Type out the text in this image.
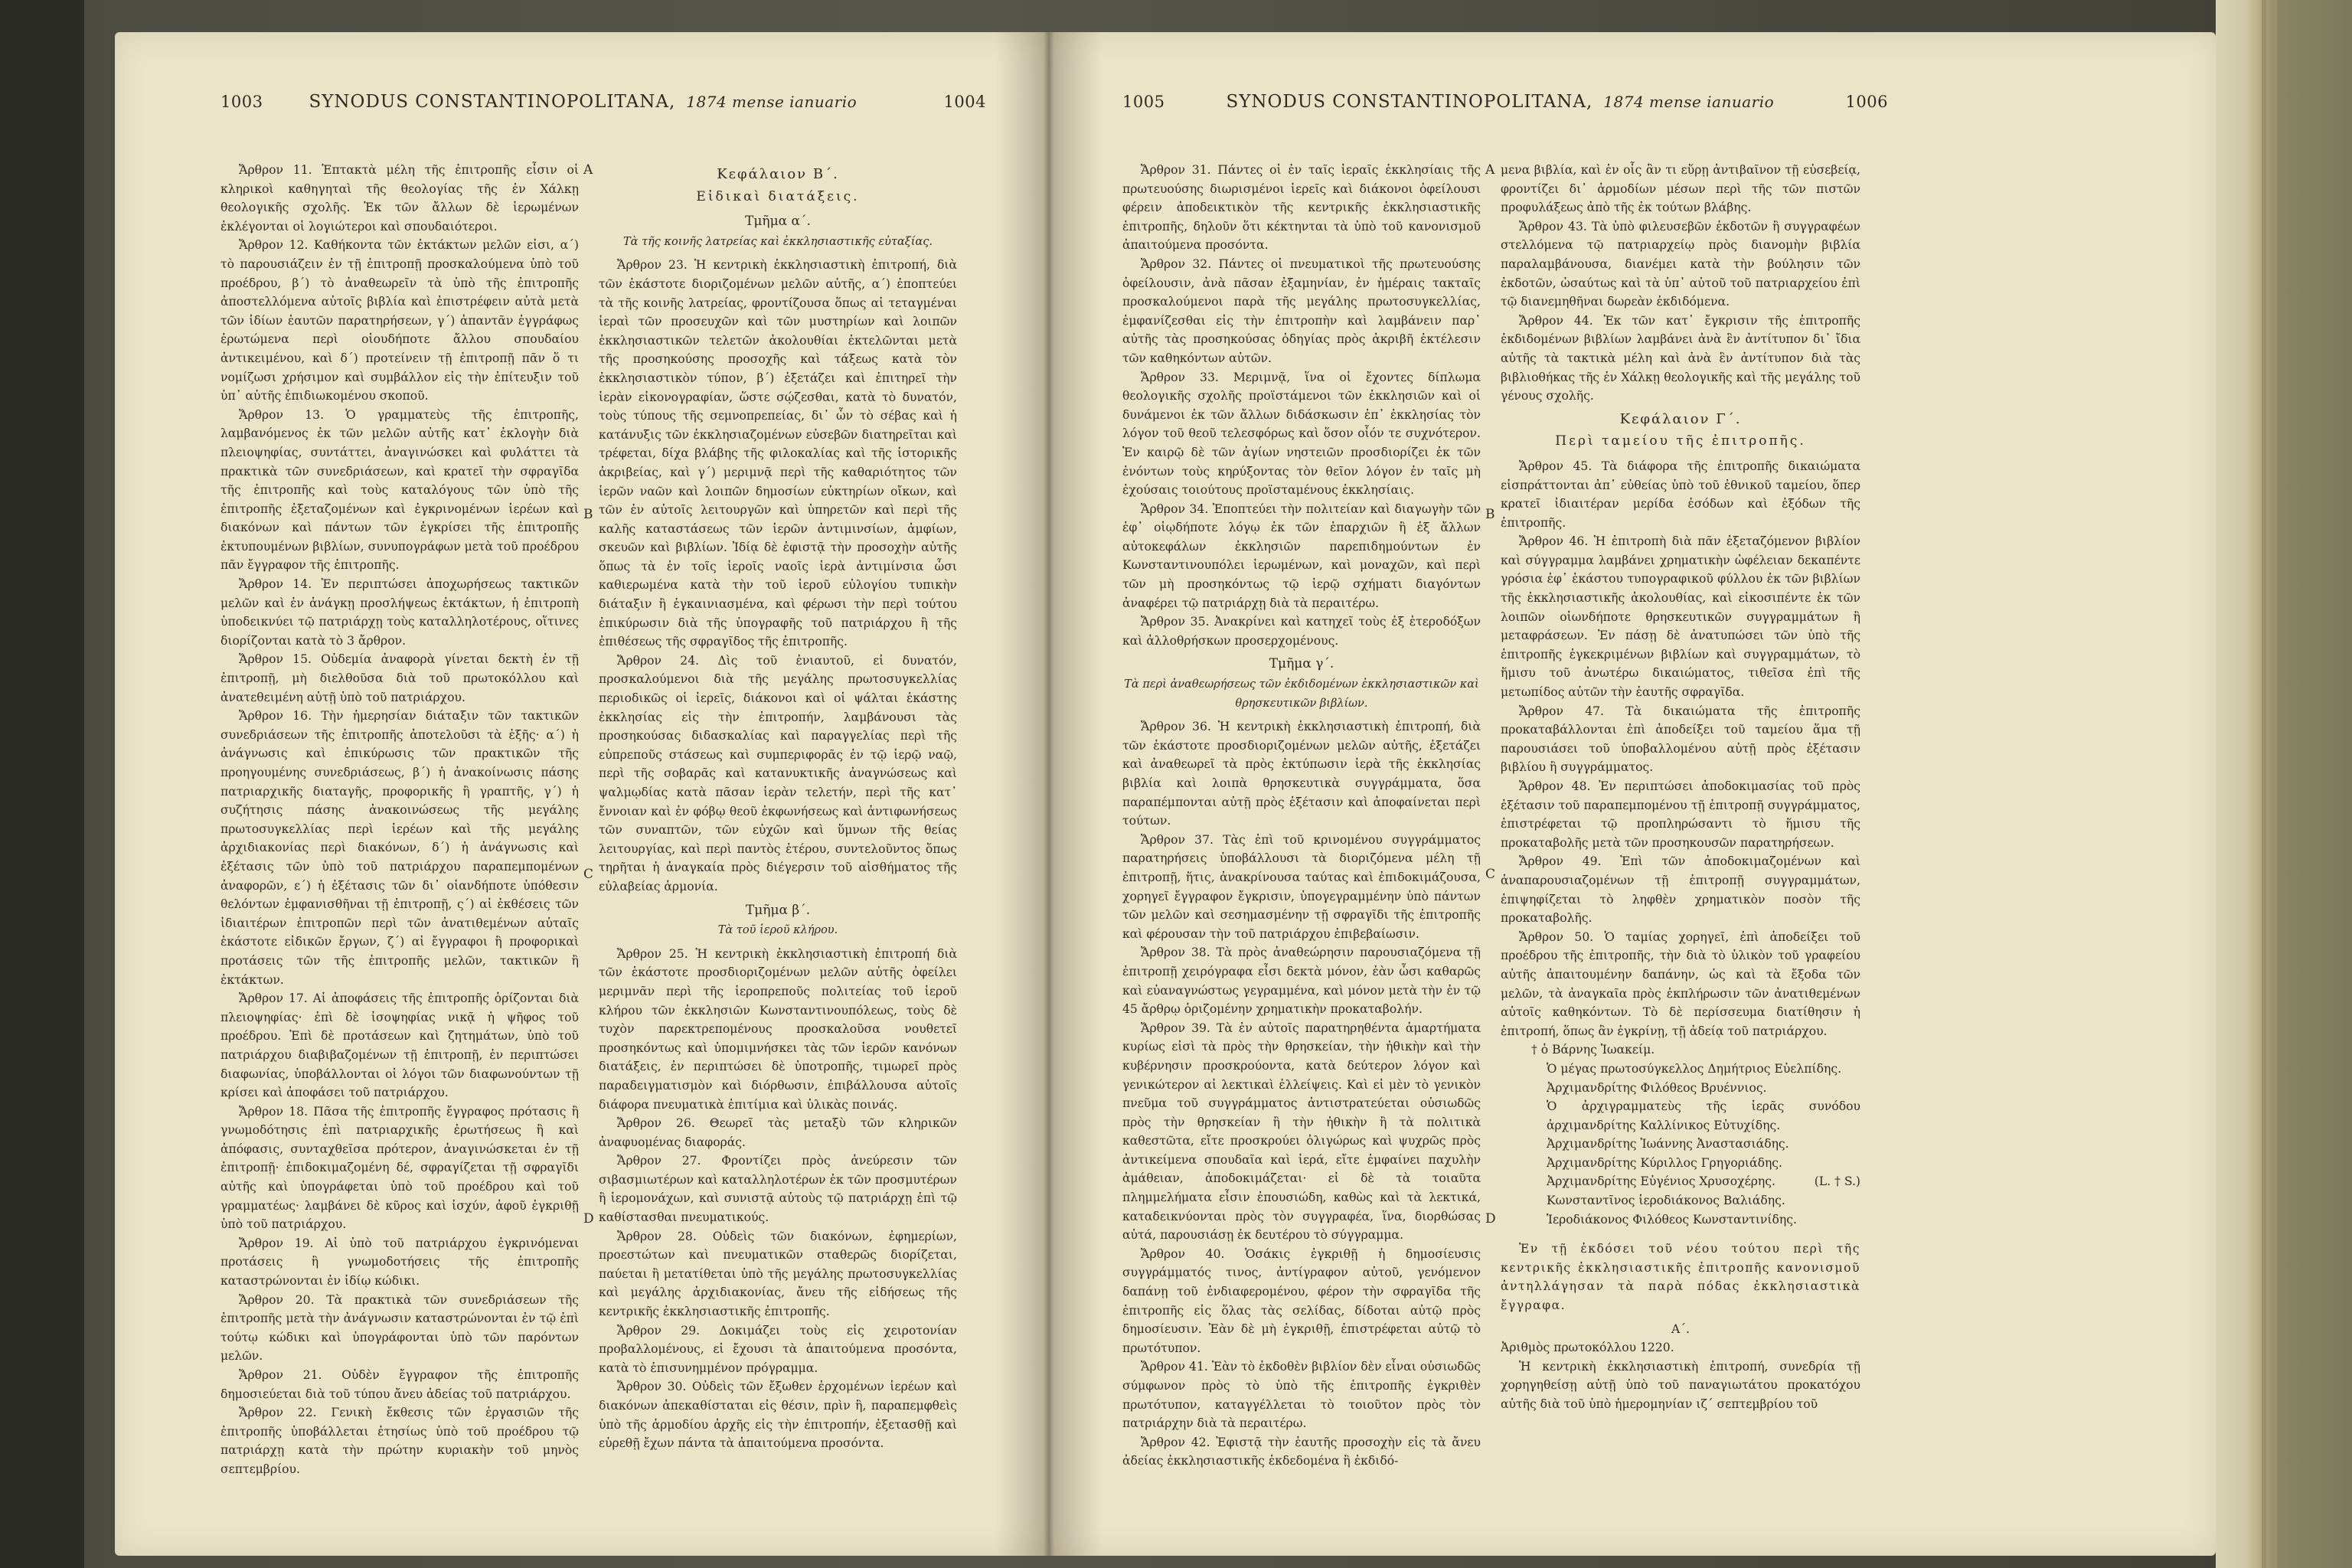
1003	SYNODUS CONSTANTINOPOLITANA, 1874 mense ianuario	1004

Ἄρθρον 11. Ἑπτακτὰ μέλη τῆς ἐπιτροπῆς εἶσιν οἱ κληρικοὶ καθηγηταὶ τῆς θεολογίας τῆς ἐν Χάλκῃ θεολογικῆς σχολῆς. Ἐκ τῶν ἄλλων δὲ ἱερωμένων ἐκλέγονται οἱ λογιώτεροι καὶ σπουδαιότεροι.

Ἄρθρον 12. Καθήκοντα τῶν ἐκτάκτων μελῶν εἰσι, α΄) τὸ παρουσιάζειν ἐν τῇ ἐπιτροπῇ προσκαλούμενα ὑπὸ τοῦ προέδρου, β΄) τὸ ἀναθεωρεῖν τὰ ὑπὸ τῆς ἐπιτροπῆς ἀποστελλόμενα αὐτοῖς βιβλία καὶ ἐπιστρέφειν αὐτὰ μετὰ τῶν ἰδίων ἑαυτῶν παρατηρήσεων, γ΄) ἀπαντᾶν ἐγγράφως ἐρωτώμενα περὶ οἱουδήποτε ἄλλου σπουδαίου ἀντικειμένου, καὶ δ΄) προτείνειν τῇ ἐπιτροπῇ πᾶν ὅ τι νομίζωσι χρήσιμον καὶ συμβάλλον εἰς τὴν ἐπίτευξιν τοῦ ὑπ᾽ αὐτῆς ἐπιδιωκομένου σκοποῦ.

Ἄρθρον 13. Ὁ γραμματεὺς τῆς ἐπιτροπῆς, λαμβανόμενος ἐκ τῶν μελῶν αὐτῆς κατ᾽ ἐκλογὴν διὰ πλειοψηφίας, συντάττει, ἀναγινώσκει καὶ φυλάττει τὰ πρακτικὰ τῶν συνεδριάσεων, καὶ κρατεῖ τὴν σφραγῖδα τῆς ἐπιτροπῆς καὶ τοὺς καταλόγους τῶν ὑπὸ τῆς ἐπιτροπῆς ἐξεταζομένων καὶ ἐγκρινομένων ἱερέων καὶ διακόνων καὶ πάντων τῶν ἐγκρίσει τῆς ἐπιτροπῆς ἐκτυπουμένων βιβλίων, συνυπογράφων μετὰ τοῦ προέδρου πᾶν ἔγγραφον τῆς ἐπιτροπῆς.

Ἄρθρον 14. Ἐν περιπτώσει ἀποχωρήσεως τακτικῶν μελῶν καὶ ἐν ἀνάγκῃ προσλήψεως ἐκτάκτων, ἡ ἐπιτροπὴ ὑποδεικνύει τῷ πατριάρχῃ τοὺς καταλληλοτέρους, οἵτινες διορίζονται κατὰ τὸ 3 ἄρθρον.

Ἄρθρον 15. Οὐδεμία ἀναφορὰ γίνεται δεκτὴ ἐν τῇ ἐπιτροπῇ, μὴ διελθοῦσα διὰ τοῦ πρωτοκόλλου καὶ ἀνατεθειμένη αὐτῇ ὑπὸ τοῦ πατριάρχου.

Ἄρθρον 16. Τὴν ἡμερησίαν διάταξιν τῶν τακτικῶν συνεδριάσεων τῆς ἐπιτροπῆς ἀποτελοῦσι τὰ ἑξῆς· α΄) ἡ ἀνάγνωσις καὶ ἐπικύρωσις τῶν πρακτικῶν τῆς προηγουμένης συνεδριάσεως, β΄) ἡ ἀνακοίνωσις πάσης πατριαρχικῆς διαταγῆς, προφορικῆς ἢ γραπτῆς, γ΄) ἡ συζήτησις πάσης ἀνακοινώσεως τῆς μεγάλης πρωτοσυγκελλίας περὶ ἱερέων καὶ τῆς μεγάλης ἀρχιδιακονίας περὶ διακόνων, δ΄) ἡ ἀνάγνωσις καὶ ἐξέτασις τῶν ὑπὸ τοῦ πατριάρχου παραπεμπομένων ἀναφορῶν, ε΄) ἡ ἐξέτασις τῶν δι᾽ οἱανδήποτε ὑπόθεσιν θελόντων ἐμφανισθῆναι τῇ ἐπιτροπῇ, ς΄) αἱ ἐκθέσεις τῶν ἰδιαιτέρων ἐπιτροπῶν περὶ τῶν ἀνατιθεμένων αὐταῖς ἑκάστοτε εἰδικῶν ἔργων, ζ΄) αἱ ἔγγραφοι ἢ προφορικαὶ προτάσεις τῶν τῆς ἐπιτροπῆς μελῶν, τακτικῶν ἢ ἐκτάκτων.

Ἄρθρον 17. Αἱ ἀποφάσεις τῆς ἐπιτροπῆς ὁρίζονται διὰ πλειοψηφίας· ἐπὶ δὲ ἰσοψηφίας νικᾷ ἡ ψῆφος τοῦ προέδρου. Ἐπὶ δὲ προτάσεων καὶ ζητημάτων, ὑπὸ τοῦ πατριάρχου διαβιβαζομένων τῇ ἐπιτροπῇ, ἐν περιπτώσει διαφωνίας, ὑποβάλλονται οἱ λόγοι τῶν διαφωνούντων τῇ κρίσει καὶ ἀποφάσει τοῦ πατριάρχου.

Ἄρθρον 18. Πᾶσα τῆς ἐπιτροπῆς ἔγγραφος πρότασις ἢ γνωμοδότησις ἐπὶ πατριαρχικῆς ἐρωτήσεως ἢ καὶ ἀπόφασις, συνταχθεῖσα πρότερον, ἀναγινώσκεται ἐν τῇ ἐπιτροπῇ· ἐπιδοκιμαζομένη δέ, σφραγίζεται τῇ σφραγῖδι αὐτῆς καὶ ὑπογράφεται ὑπὸ τοῦ προέδρου καὶ τοῦ γραμματέως· λαμβάνει δὲ κῦρος καὶ ἰσχύν, ἀφοῦ ἐγκριθῇ ὑπὸ τοῦ πατριάρχου.

Ἄρθρον 19. Αἱ ὑπὸ τοῦ πατριάρχου ἐγκρινόμεναι προτάσεις ἢ γνωμοδοτήσεις τῆς ἐπιτροπῆς καταστρώνονται ἐν ἰδίῳ κώδικι.

Ἄρθρον 20. Τὰ πρακτικὰ τῶν συνεδριάσεων τῆς ἐπιτροπῆς μετὰ τὴν ἀνάγνωσιν καταστρώνονται ἐν τῷ ἐπὶ τούτῳ κώδικι καὶ ὑπογράφονται ὑπὸ τῶν παρόντων μελῶν.

Ἄρθρον 21. Οὐδὲν ἔγγραφον τῆς ἐπιτροπῆς δημοσιεύεται διὰ τοῦ τύπου ἄνευ ἀδείας τοῦ πατριάρχου.

Ἄρθρον 22. Γενικὴ ἔκθεσις τῶν ἐργασιῶν τῆς ἐπιτροπῆς ὑποβάλλεται ἐτησίως ὑπὸ τοῦ προέδρου τῷ πατριάρχῃ κατὰ τὴν πρώτην κυριακὴν τοῦ μηνὸς σεπτεμβρίου.

A
B
C
D

Κεφάλαιον Β΄.

Εἰδικαὶ διατάξεις.

Τμῆμα α΄.

Τὰ τῆς κοινῆς λατρείας καὶ ἐκκλησιαστικῆς εὐταξίας.

Ἄρθρον 23. Ἡ κεντρικὴ ἐκκλησιαστικὴ ἐπιτροπή, διὰ τῶν ἑκάστοτε διοριζομένων μελῶν αὐτῆς, α΄) ἐποπτεύει τὰ τῆς κοινῆς λατρείας, φροντίζουσα ὅπως αἱ τεταγμέναι ἱεραὶ τῶν προσευχῶν καὶ τῶν μυστηρίων καὶ λοιπῶν ἐκκλησιαστικῶν τελετῶν ἀκολουθίαι ἐκτελῶνται μετὰ τῆς προσηκούσης προσοχῆς καὶ τάξεως κατὰ τὸν ἐκκλησιαστικὸν τύπον, β΄) ἐξετάζει καὶ ἐπιτηρεῖ τὴν ἱερὰν εἰκονογραφίαν, ὥστε σῴζεσθαι, κατὰ τὸ δυνατόν, τοὺς τύπους τῆς σεμνοπρεπείας, δι᾽ ὧν τὸ σέβας καὶ ἡ κατάνυξις τῶν ἐκκλησιαζομένων εὐσεβῶν διατηρεῖται καὶ τρέφεται, δίχα βλάβης τῆς φιλοκαλίας καὶ τῆς ἱστορικῆς ἀκριβείας, καὶ γ΄) μεριμνᾷ περὶ τῆς καθαριότητος τῶν ἱερῶν ναῶν καὶ λοιπῶν δημοσίων εὐκτηρίων οἴκων, καὶ τῶν ἐν αὐτοῖς λειτουργῶν καὶ ὑπηρετῶν καὶ περὶ τῆς καλῆς καταστάσεως τῶν ἱερῶν ἀντιμινσίων, ἀμφίων, σκευῶν καὶ βιβλίων. Ἰδίᾳ δὲ ἐφιστᾷ τὴν προσοχὴν αὐτῆς ὅπως τὰ ἐν τοῖς ἱεροῖς ναοῖς ἱερὰ ἀντιμίνσια ὦσι καθιερωμένα κατὰ τὴν τοῦ ἱεροῦ εὐλογίου τυπικὴν διάταξιν ἢ ἐγκαινιασμένα, καὶ φέρωσι τὴν περὶ τούτου ἐπικύρωσιν διὰ τῆς ὑπογραφῆς τοῦ πατριάρχου ἢ τῆς ἐπιθέσεως τῆς σφραγῖδος τῆς ἐπιτροπῆς.

Ἄρθρον 24. Δὶς τοῦ ἐνιαυτοῦ, εἰ δυνατόν, προσκαλούμενοι διὰ τῆς μεγάλης πρωτοσυγκελλίας περιοδικῶς οἱ ἱερεῖς, διάκονοι καὶ οἱ ψάλται ἑκάστης ἐκκλησίας εἰς τὴν ἐπιτροπήν, λαμβάνουσι τὰς προσηκούσας διδασκαλίας καὶ παραγγελίας περὶ τῆς εὐπρεποῦς στάσεως καὶ συμπεριφορᾶς ἐν τῷ ἱερῷ ναῷ, περὶ τῆς σοβαρᾶς καὶ κατανυκτικῆς ἀναγνώσεως καὶ ψαλμῳδίας κατὰ πᾶσαν ἱερὰν τελετήν, περὶ τῆς κατ᾽ ἔννοιαν καὶ ἐν φόβῳ θεοῦ ἐκφωνήσεως καὶ ἀντιφωνήσεως τῶν συναπτῶν, τῶν εὐχῶν καὶ ὕμνων τῆς θείας λειτουργίας, καὶ περὶ παντὸς ἑτέρου, συντελοῦντος ὅπως τηρῆται ἡ ἀναγκαία πρὸς διέγερσιν τοῦ αἰσθήματος τῆς εὐλαβείας ἁρμονία.

Τμῆμα β΄.

Τὰ τοῦ ἱεροῦ κλήρου.

Ἄρθρον 25. Ἡ κεντρικὴ ἐκκλησιαστικὴ ἐπιτροπή διὰ τῶν ἑκάστοτε προσδιοριζομένων μελῶν αὐτῆς ὀφείλει μεριμνᾶν περὶ τῆς ἱεροπρεποῦς πολιτείας τοῦ ἱεροῦ κλήρου τῶν ἐκκλησιῶν Κωνσταντινουπόλεως, τοὺς δὲ τυχὸν παρεκτρεπομένους προσκαλοῦσα νουθετεῖ προσηκόντως καὶ ὑπομιμνήσκει τὰς τῶν ἱερῶν κανόνων διατάξεις, ἐν περιπτώσει δὲ ὑποτροπῆς, τιμωρεῖ πρὸς παραδειγματισμὸν καὶ διόρθωσιν, ἐπιβάλλουσα αὐτοῖς διάφορα πνευματικὰ ἐπιτίμια καὶ ὑλικὰς ποινάς.

Ἄρθρον 26. Θεωρεῖ τὰς μεταξὺ τῶν κληρικῶν ἀναφυομένας διαφοράς.

Ἄρθρον 27. Φροντίζει πρὸς ἀνεύρεσιν τῶν σιβασμιωτέρων καὶ καταλληλοτέρων ἐκ τῶν προσμυτέρων ἢ ἱερομονάχων, καὶ συνιστᾷ αὐτοὺς τῷ πατριάρχῃ ἐπὶ τῷ καθίστασθαι πνευματικούς.

Ἄρθρον 28. Οὐδεὶς τῶν διακόνων, ἐφημερίων, προεστώτων καὶ πνευματικῶν σταθερῶς διορίζεται, παύεται ἢ μετατίθεται ὑπὸ τῆς μεγάλης πρωτοσυγκελλίας καὶ μεγάλης ἀρχιδιακονίας, ἄνευ τῆς εἰδήσεως τῆς κεντρικῆς ἐκκλησιαστικῆς ἐπιτροπῆς.

Ἄρθρον 29. Δοκιμάζει τοὺς εἰς χειροτονίαν προβαλλομένους, εἰ ἔχουσι τὰ ἀπαιτούμενα προσόντα, κατὰ τὸ ἐπισυνημμένον πρόγραμμα.

Ἄρθρον 30. Οὐδεὶς τῶν ἔξωθεν ἐρχομένων ἱερέων καὶ διακόνων ἀπεκαθίσταται εἰς θέσιν, πρὶν ἢ, παραπεμφθεὶς ὑπὸ τῆς ἁρμοδίου ἀρχῆς εἰς τὴν ἐπιτροπήν, ἐξετασθῇ καὶ εὑρεθῇ ἔχων πάντα τὰ ἀπαιτούμενα προσόντα.

1005	SYNODUS CONSTANTINOPOLITANA, 1874 mense ianuario	1006

Ἄρθρον 31. Πάντες οἱ ἐν ταῖς ἱεραῖς ἐκκλησίαις τῆς πρωτευούσης διωρισμένοι ἱερεῖς καὶ διάκονοι ὀφείλουσι φέρειν ἀποδεικτικὸν τῆς κεντρικῆς ἐκκλησιαστικῆς ἐπιτροπῆς, δηλοῦν ὅτι κέκτηνται τὰ ὑπὸ τοῦ κανονισμοῦ ἀπαιτούμενα προσόντα.

Ἄρθρον 32. Πάντες οἱ πνευματικοὶ τῆς πρωτευούσης ὀφείλουσιν, ἀνὰ πᾶσαν ἑξαμηνίαν, ἐν ἡμέραις τακταῖς προσκαλούμενοι παρὰ τῆς μεγάλης πρωτοσυγκελλίας, ἐμφανίζεσθαι εἰς τὴν ἐπιτροπὴν καὶ λαμβάνειν παρ᾽ αὐτῆς τὰς προσηκούσας ὁδηγίας πρὸς ἀκριβῆ ἐκτέλεσιν τῶν καθηκόντων αὐτῶν.

Ἄρθρον 33. Μεριμνᾷ, ἵνα οἱ ἔχοντες δίπλωμα θεολογικῆς σχολῆς προϊστάμενοι τῶν ἐκκλησιῶν καὶ οἱ δυνάμενοι ἐκ τῶν ἄλλων διδάσκωσιν ἐπ᾽ ἐκκλησίας τὸν λόγον τοῦ θεοῦ τελεσφόρως καὶ ὅσον οἷόν τε συχνότερον. Ἐν καιρῷ δὲ τῶν ἁγίων νηστειῶν προσδιορίζει ἐκ τῶν ἐνόντων τοὺς κηρύξοντας τὸν θεῖον λόγον ἐν ταῖς μὴ ἐχούσαις τοιούτους προϊσταμένους ἐκκλησίαις.

Ἄρθρον 34. Ἐποπτεύει τὴν πολιτείαν καὶ διαγωγὴν τῶν ἐφ᾽ οἱῳδήποτε λόγῳ ἐκ τῶν ἐπαρχιῶν ἢ ἐξ ἄλλων αὐτοκεφάλων ἐκκλησιῶν παρεπιδημούντων ἐν Κωνσταντινουπόλει ἱερωμένων, καὶ μοναχῶν, καὶ περὶ τῶν μὴ προσηκόντως τῷ ἱερῷ σχήματι διαγόντων ἀναφέρει τῷ πατριάρχῃ διὰ τὰ περαιτέρω.

Ἄρθρον 35. Ἀνακρίνει καὶ κατηχεῖ τοὺς ἐξ ἑτεροδόξων καὶ ἀλλοθρήσκων προσερχομένους.

Τμῆμα γ΄.

Τὰ περὶ ἀναθεωρήσεως τῶν ἐκδιδομένων ἐκκλησιαστικῶν καὶ θρησκευτικῶν βιβλίων.

Ἄρθρον 36. Ἡ κεντρικὴ ἐκκλησιαστικὴ ἐπιτροπή, διὰ τῶν ἑκάστοτε προσδιοριζομένων μελῶν αὐτῆς, ἐξετάζει καὶ ἀναθεωρεῖ τὰ πρὸς ἐκτύπωσιν ἱερὰ τῆς ἐκκλησίας βιβλία καὶ λοιπὰ θρησκευτικὰ συγγράμματα, ὅσα παραπέμπονται αὐτῇ πρὸς ἐξέτασιν καὶ ἀποφαίνεται περὶ τούτων.

Ἄρθρον 37. Τὰς ἐπὶ τοῦ κρινομένου συγγράμματος παρατηρήσεις ὑποβάλλουσι τὰ διοριζόμενα μέλη τῇ ἐπιτροπῇ, ἥτις, ἀνακρίνουσα ταύτας καὶ ἐπιδοκιμάζουσα, χορηγεῖ ἔγγραφον ἔγκρισιν, ὑπογεγραμμένην ὑπὸ πάντων τῶν μελῶν καὶ σεσημασμένην τῇ σφραγῖδι τῆς ἐπιτροπῆς καὶ φέρουσαν τὴν τοῦ πατριάρχου ἐπιβεβαίωσιν.

Ἄρθρον 38. Τὰ πρὸς ἀναθεώρησιν παρουσιαζόμενα τῇ ἐπιτροπῇ χειρόγραφα εἶσι δεκτὰ μόνον, ἐὰν ὦσι καθαρῶς καὶ εὐαναγνώστως γεγραμμένα, καὶ μόνον μετὰ τὴν ἐν τῷ 45 ἄρθρῳ ὁριζομένην χρηματικὴν προκαταβολήν.

Ἄρθρον 39. Τὰ ἐν αὐτοῖς παρατηρηθέντα ἁμαρτήματα κυρίως εἰσὶ τὰ πρὸς τὴν θρησκείαν, τὴν ἠθικὴν καὶ τὴν κυβέρνησιν προσκρούοντα, κατὰ δεύτερον λόγον καὶ γενικώτερον αἱ λεκτικαὶ ἐλλείψεις. Καὶ εἰ μὲν τὸ γενικὸν πνεῦμα τοῦ συγγράμματος ἀντιστρατεύεται οὐσιωδῶς πρὸς τὴν θρησκείαν ἢ τὴν ἠθικὴν ἢ τὰ πολιτικὰ καθεστῶτα, εἴτε προσκρούει ὀλιγώρως καὶ ψυχρῶς πρὸς ἀντικείμενα σπουδαῖα καὶ ἱερά, εἴτε ἐμφαίνει παχυλὴν ἀμάθειαν, ἀποδοκιμάζεται· εἰ δὲ τὰ τοιαῦτα πλημμελήματα εἶσιν ἐπουσιώδη, καθὼς καὶ τὰ λεκτικά, καταδεικνύονται πρὸς τὸν συγγραφέα, ἵνα, διορθώσας αὐτά, παρουσιάσῃ ἐκ δευτέρου τὸ σύγγραμμα.

Ἄρθρον 40. Ὁσάκις ἐγκριθῇ ἡ δημοσίευσις συγγράμματός τινος, ἀντίγραφον αὐτοῦ, γενόμενον δαπάνῃ τοῦ ἐνδιαφερομένου, φέρον τὴν σφραγῖδα τῆς ἐπιτροπῆς εἰς ὅλας τὰς σελίδας, δίδοται αὐτῷ πρὸς δημοσίευσιν. Ἐὰν δὲ μὴ ἐγκριθῇ, ἐπιστρέφεται αὐτῷ τὸ πρωτότυπον.

Ἄρθρον 41. Ἐὰν τὸ ἐκδοθὲν βιβλίον δὲν εἶναι οὐσιωδῶς σύμφωνον πρὸς τὸ ὑπὸ τῆς ἐπιτροπῆς ἐγκριθὲν πρωτότυπον, καταγγέλλεται τὸ τοιοῦτον πρὸς τὸν πατριάρχην διὰ τὰ περαιτέρω.

Ἄρθρον 42. Ἐφιστᾷ τὴν ἑαυτῆς προσοχὴν εἰς τὰ ἄνευ ἀδείας ἐκκλησιαστικῆς ἐκδεδομένα ἢ ἐκδιδό-

A
B
C
D

μενα βιβλία, καὶ ἐν οἷς ἂν τι εὕρῃ ἀντιβαῖνον τῇ εὐσεβείᾳ, φροντίζει δι᾽ ἁρμοδίων μέσων περὶ τῆς τῶν πιστῶν προφυλάξεως ἀπὸ τῆς ἐκ τούτων βλάβης.

Ἄρθρον 43. Τὰ ὑπὸ φιλευσεβῶν ἐκδοτῶν ἢ συγγραφέων στελλόμενα τῷ πατριαρχείῳ πρὸς διανομὴν βιβλία παραλαμβάνουσα, διανέμει κατὰ τὴν βούλησιν τῶν ἐκδοτῶν, ὡσαύτως καὶ τὰ ὑπ᾽ αὐτοῦ τοῦ πατριαρχείου ἐπὶ τῷ διανεμηθῆναι δωρεὰν ἐκδιδόμενα.

Ἄρθρον 44. Ἐκ τῶν κατ᾽ ἔγκρισιν τῆς ἐπιτροπῆς ἐκδιδομένων βιβλίων λαμβάνει ἀνὰ ἓν ἀντίτυπον δι᾽ ἴδια αὐτῆς τὰ τακτικὰ μέλη καὶ ἀνὰ ἓν ἀντίτυπον διὰ τὰς βιβλιοθήκας τῆς ἐν Χάλκῃ θεολογικῆς καὶ τῆς μεγάλης τοῦ γένους σχολῆς.

Κεφάλαιον Γ΄.

Περὶ ταμείου τῆς ἐπιτροπῆς.

Ἄρθρον 45. Τὰ διάφορα τῆς ἐπιτροπῆς δικαιώματα εἰσπράττονται ἀπ᾽ εὐθείας ὑπὸ τοῦ ἐθνικοῦ ταμείου, ὅπερ κρατεῖ ἰδιαιτέραν μερίδα ἐσόδων καὶ ἐξόδων τῆς ἐπιτροπῆς.

Ἄρθρον 46. Ἡ ἐπιτροπὴ διὰ πᾶν ἐξεταζόμενον βιβλίον καὶ σύγγραμμα λαμβάνει χρηματικὴν ὠφέλειαν δεκαπέντε γρόσια ἐφ᾽ ἑκάστου τυπογραφικοῦ φύλλου ἐκ τῶν βιβλίων τῆς ἐκκλησιαστικῆς ἀκολουθίας, καὶ εἰκοσιπέντε ἐκ τῶν λοιπῶν οἱωνδήποτε θρησκευτικῶν συγγραμμάτων ἢ μεταφράσεων. Ἐν πάσῃ δὲ ἀνατυπώσει τῶν ὑπὸ τῆς ἐπιτροπῆς ἐγκεκριμένων βιβλίων καὶ συγγραμμάτων, τὸ ἥμισυ τοῦ ἀνωτέρω δικαιώματος, τιθεῖσα ἐπὶ τῆς μετωπίδος αὐτῶν τὴν ἑαυτῆς σφραγῖδα.

Ἄρθρον 47. Τὰ δικαιώματα τῆς ἐπιτροπῆς προκαταβάλλονται ἐπὶ ἀποδείξει τοῦ ταμείου ἅμα τῇ παρουσιάσει τοῦ ὑποβαλλομένου αὐτῇ πρὸς ἐξέτασιν βιβλίου ἢ συγγράμματος.

Ἄρθρον 48. Ἐν περιπτώσει ἀποδοκιμασίας τοῦ πρὸς ἐξέτασιν τοῦ παραπεμπομένου τῇ ἐπιτροπῇ συγγράμματος, ἐπιστρέφεται τῷ προπληρώσαντι τὸ ἥμισυ τῆς προκαταβολῆς μετὰ τῶν προσηκουσῶν παρατηρήσεων.

Ἄρθρον 49. Ἐπὶ τῶν ἀποδοκιμαζομένων καὶ ἀναπαρουσιαζομένων τῇ ἐπιτροπῇ συγγραμμάτων, ἐπιψηφίζεται τὸ ληφθὲν χρηματικὸν ποσὸν τῆς προκαταβολῆς.

Ἄρθρον 50. Ὁ ταμίας χορηγεῖ, ἐπὶ ἀποδείξει τοῦ προέδρου τῆς ἐπιτροπῆς, τὴν διὰ τὸ ὑλικὸν τοῦ γραφείου αὐτῆς ἀπαιτουμένην δαπάνην, ὡς καὶ τὰ ἔξοδα τῶν μελῶν, τὰ ἀναγκαῖα πρὸς ἐκπλήρωσιν τῶν ἀνατιθεμένων αὐτοῖς καθηκόντων. Τὸ δὲ περίσσευμα διατίθησιν ἡ ἐπιτροπή, ὅπως ἂν ἐγκρίνῃ, τῇ ἀδείᾳ τοῦ πατριάρχου.

† ὁ Βάρνης Ἰωακείμ.

Ὁ μέγας πρωτοσύγκελλος Δημήτριος Εὐελπίδης.

Ἀρχιμανδρίτης Φιλόθεος Βρυέννιος.

Ὁ ἀρχιγραμματεὺς τῆς ἱερᾶς συνόδου ἀρχιμανδρίτης Καλλίνικος Εὐτυχίδης.

Ἀρχιμανδρίτης Ἰωάννης Ἀναστασιάδης.

Ἀρχιμανδρίτης Κύριλλος Γρηγοριάδης.

Ἀρχιμανδρίτης Εὐγένιος Χρυσοχέρης.	(L. † S.)

Κωνσταντῖνος ἱεροδιάκονος Βαλιάδης.

Ἱεροδιάκονος Φιλόθεος Κωνσταντινίδης.

Ἐν τῇ ἐκδόσει τοῦ νέου τούτου περὶ τῆς κεντρικῆς ἐκκλησιαστικῆς ἐπιτροπῆς κανονισμοῦ ἀντηλλάγησαν τὰ παρὰ πόδας ἐκκλησιαστικὰ ἔγγραφα.

Α΄.

Ἀριθμὸς πρωτοκόλλου 1220.

Ἡ κεντρικὴ ἐκκλησιαστικὴ ἐπιτροπή, συνεδρία τῇ χορηγηθείσῃ αὐτῇ ὑπὸ τοῦ παναγιωτάτου προκατόχου αὐτῆς διὰ τοῦ ὑπὸ ἡμερομηνίαν ιζ΄ σεπτεμβρίου τοῦ
